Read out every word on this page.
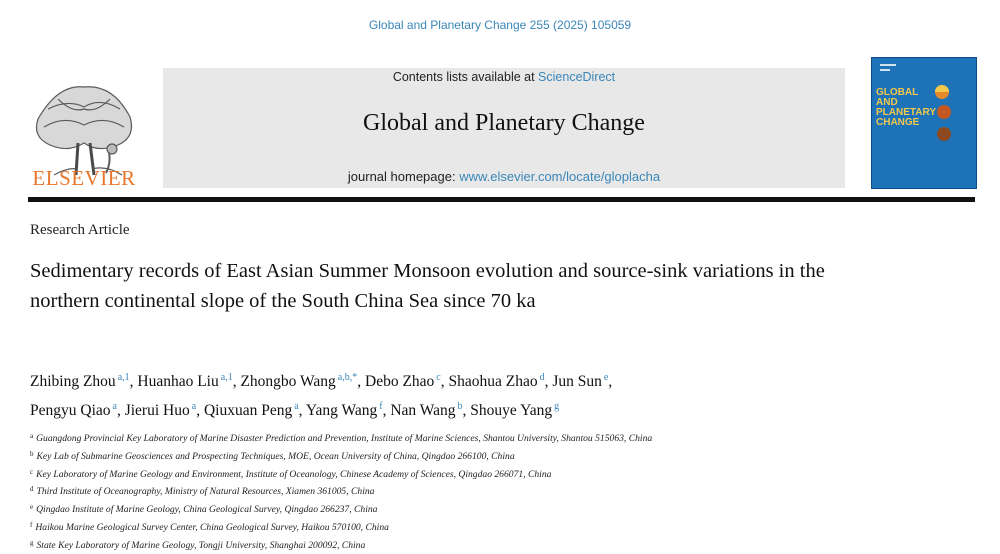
Global and Planetary Change 255 (2025) 105059
ELSEVIER
Contents lists available at ScienceDirect
Global and Planetary Change
journal homepage: www.elsevier.com/locate/gloplacha
GLOBAL AND PLANETARY CHANGE
Research Article
Sedimentary records of East Asian Summer Monsoon evolution and source-sink variations in the northern continental slope of the South China Sea since 70 ka
Zhibing Zhou $^{a,1}$, Huanhao Liu $^{a,1}$, Zhongbo Wang $^{a,b,*}$, Debo Zhao $^c$, Shaohua Zhao $^d$, Jun Sun $^e$,
Pengyu Qiao $^a$, Jierui Huo $^a$, Qiuxuan Peng $^a$, Yang Wang $^f$, Nan Wang $^b$, Shouye Yang $^g$
$^a$ Guangdong Provincial Key Laboratory of Marine Disaster Prediction and Prevention, Institute of Marine Sciences, Shantou University, Shantou 515063, China
$^b$ Key Lab of Submarine Geosciences and Prospecting Techniques, MOE, Ocean University of China, Qingdao 266100, China
$^c$ Key Laboratory of Marine Geology and Environment, Institute of Oceanology, Chinese Academy of Sciences, Qingdao 266071, China
$^d$ Third Institute of Oceanography, Ministry of Natural Resources, Xiamen 361005, China
$^e$ Qingdao Institute of Marine Geology, China Geological Survey, Qingdao 266237, China
$^f$ Haikou Marine Geological Survey Center, China Geological Survey, Haikou 570100, China
$^g$ State Key Laboratory of Marine Geology, Tongji University, Shanghai 200092, China
